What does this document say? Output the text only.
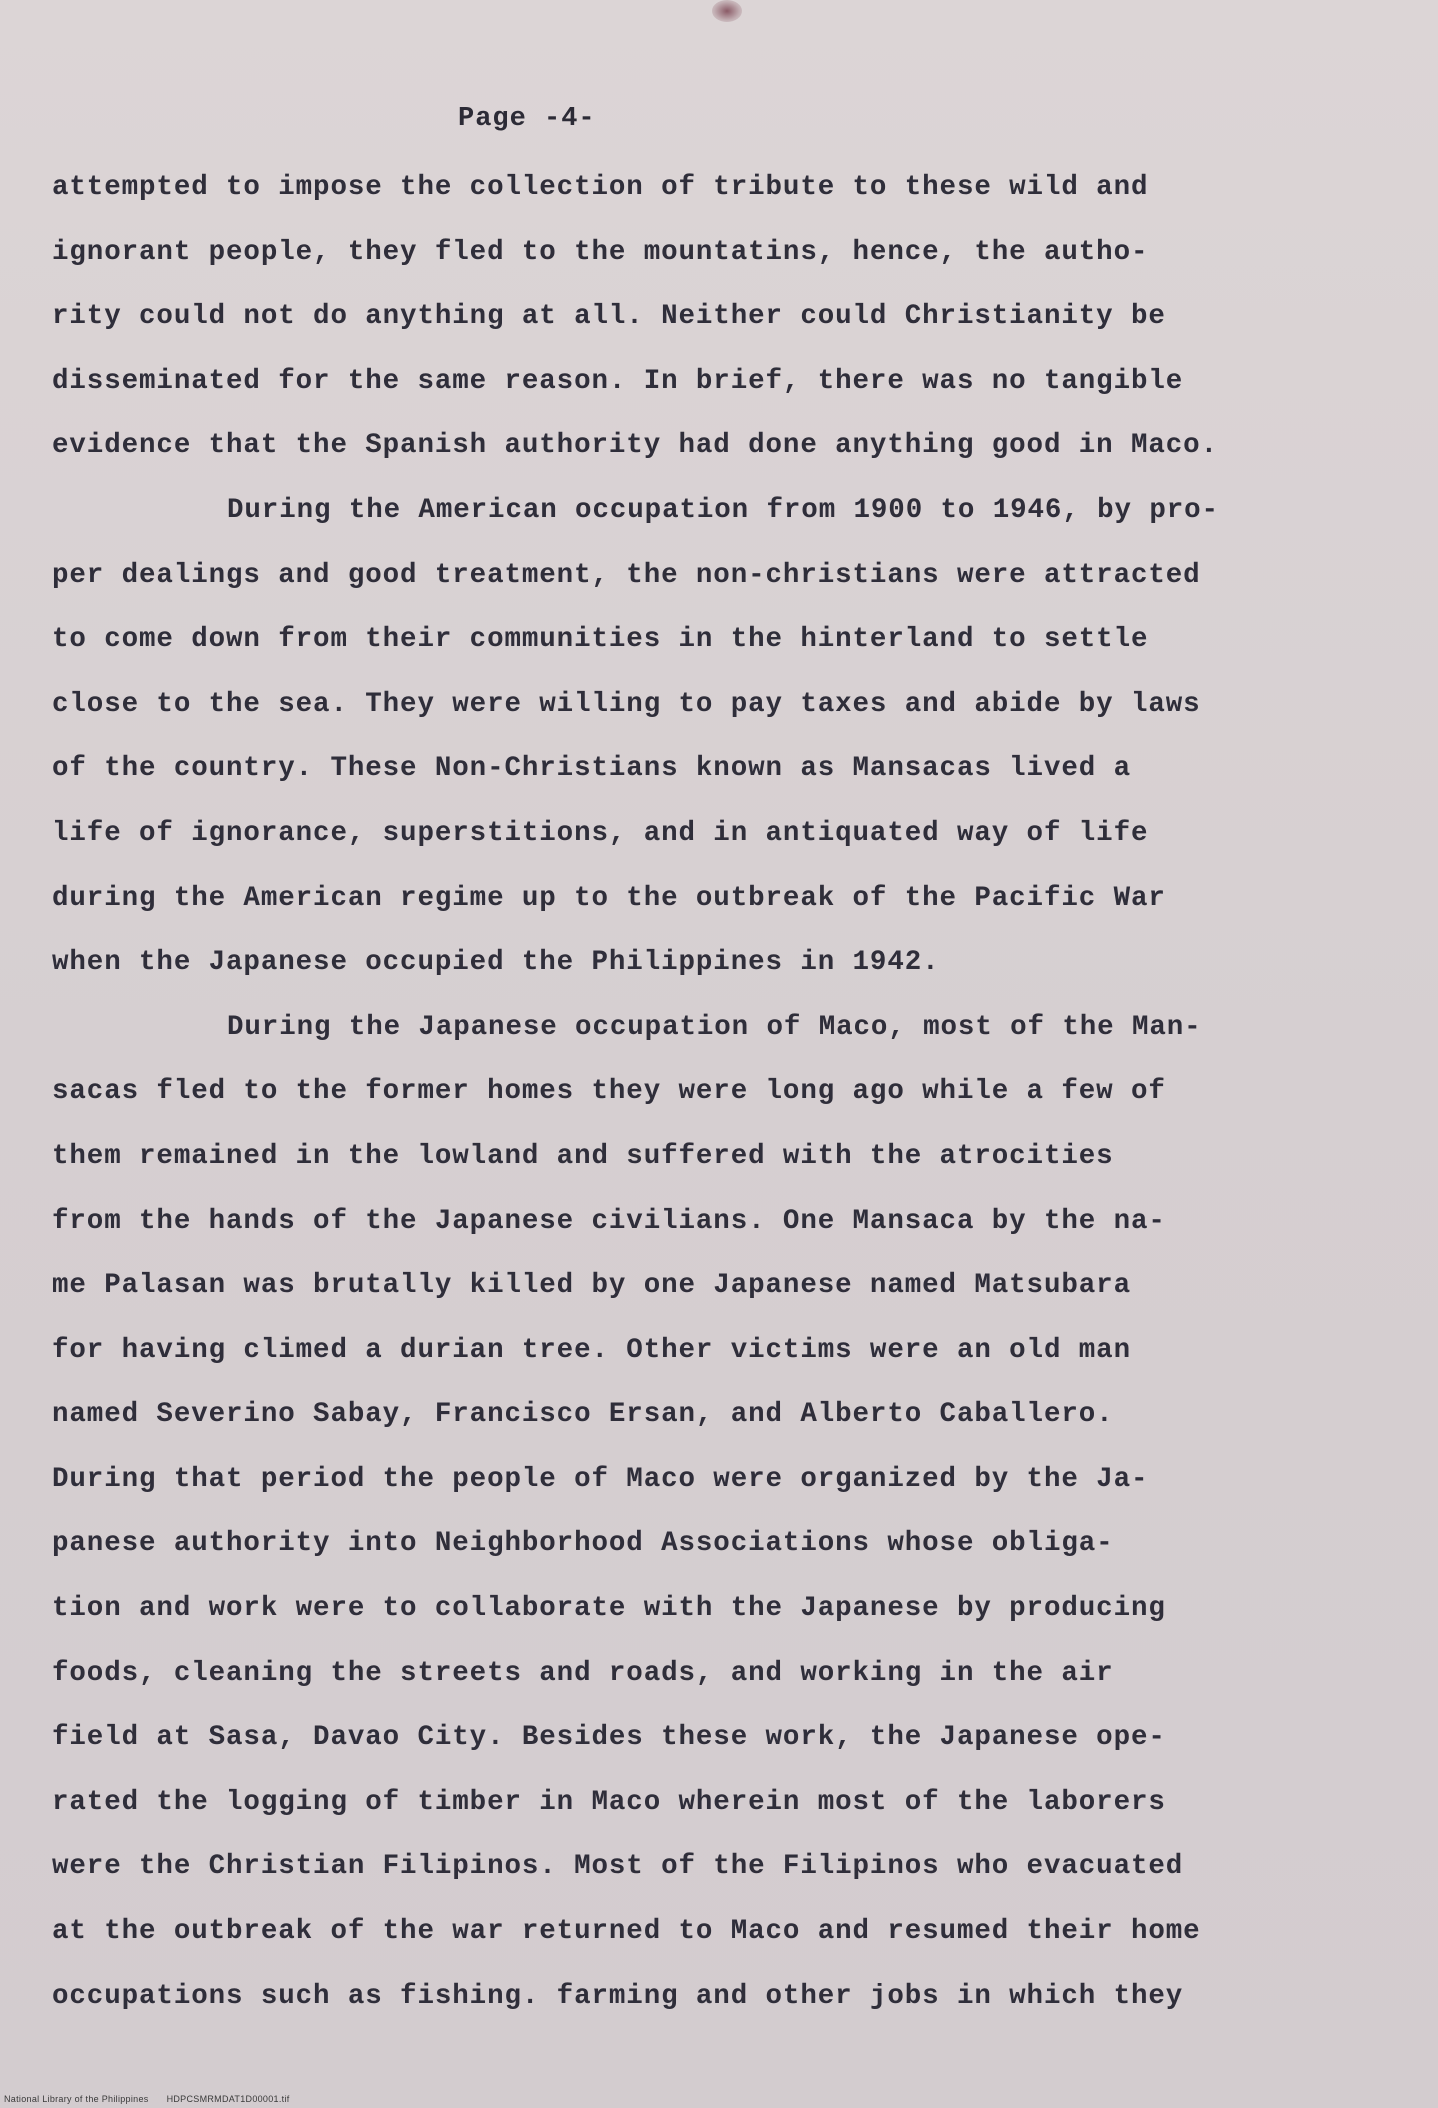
Page -4-
attempted to impose the collection of tribute to these wild and
ignorant people, they fled to the mountatins, hence, the autho-
rity could not do anything at all. Neither could Christianity be
disseminated for the same reason. In brief, there was no tangible
evidence that the Spanish authority had done anything good in Maco.
During the American occupation from 1900 to 1946, by pro-
per dealings and good treatment, the non-christians were attracted
to come down from their communities in the hinterland to settle
close to the sea. They were willing to pay taxes and abide by laws
of the country. These Non-Christians known as Mansacas lived a
life of ignorance, superstitions, and in antiquated way of life
during the American regime up to the outbreak of the Pacific War
when the Japanese occupied the Philippines in 1942.
During the Japanese occupation of Maco, most of the Man-
sacas fled to the former homes they were long ago while a few of
them remained in the lowland and suffered with the atrocities
from the hands of the Japanese civilians. One Mansaca by the na-
me Palasan was brutally killed by one Japanese named Matsubara
for having climed a durian tree. Other victims were an old man
named Severino Sabay, Francisco Ersan, and Alberto Caballero.
During that period the people of Maco were organized by the Ja-
panese authority into Neighborhood Associations whose obliga-
tion and work were to collaborate with the Japanese by producing
foods, cleaning the streets and roads, and working in the air
field at Sasa, Davao City. Besides these work, the Japanese ope-
rated the logging of timber in Maco wherein most of the laborers
were the Christian Filipinos. Most of the Filipinos who evacuated
at the outbreak of the war returned to Maco and resumed their home
occupations such as fishing. farming and other jobs in which they
National Library of the Philippines HDPCSMRMDAT1D00001.tif
